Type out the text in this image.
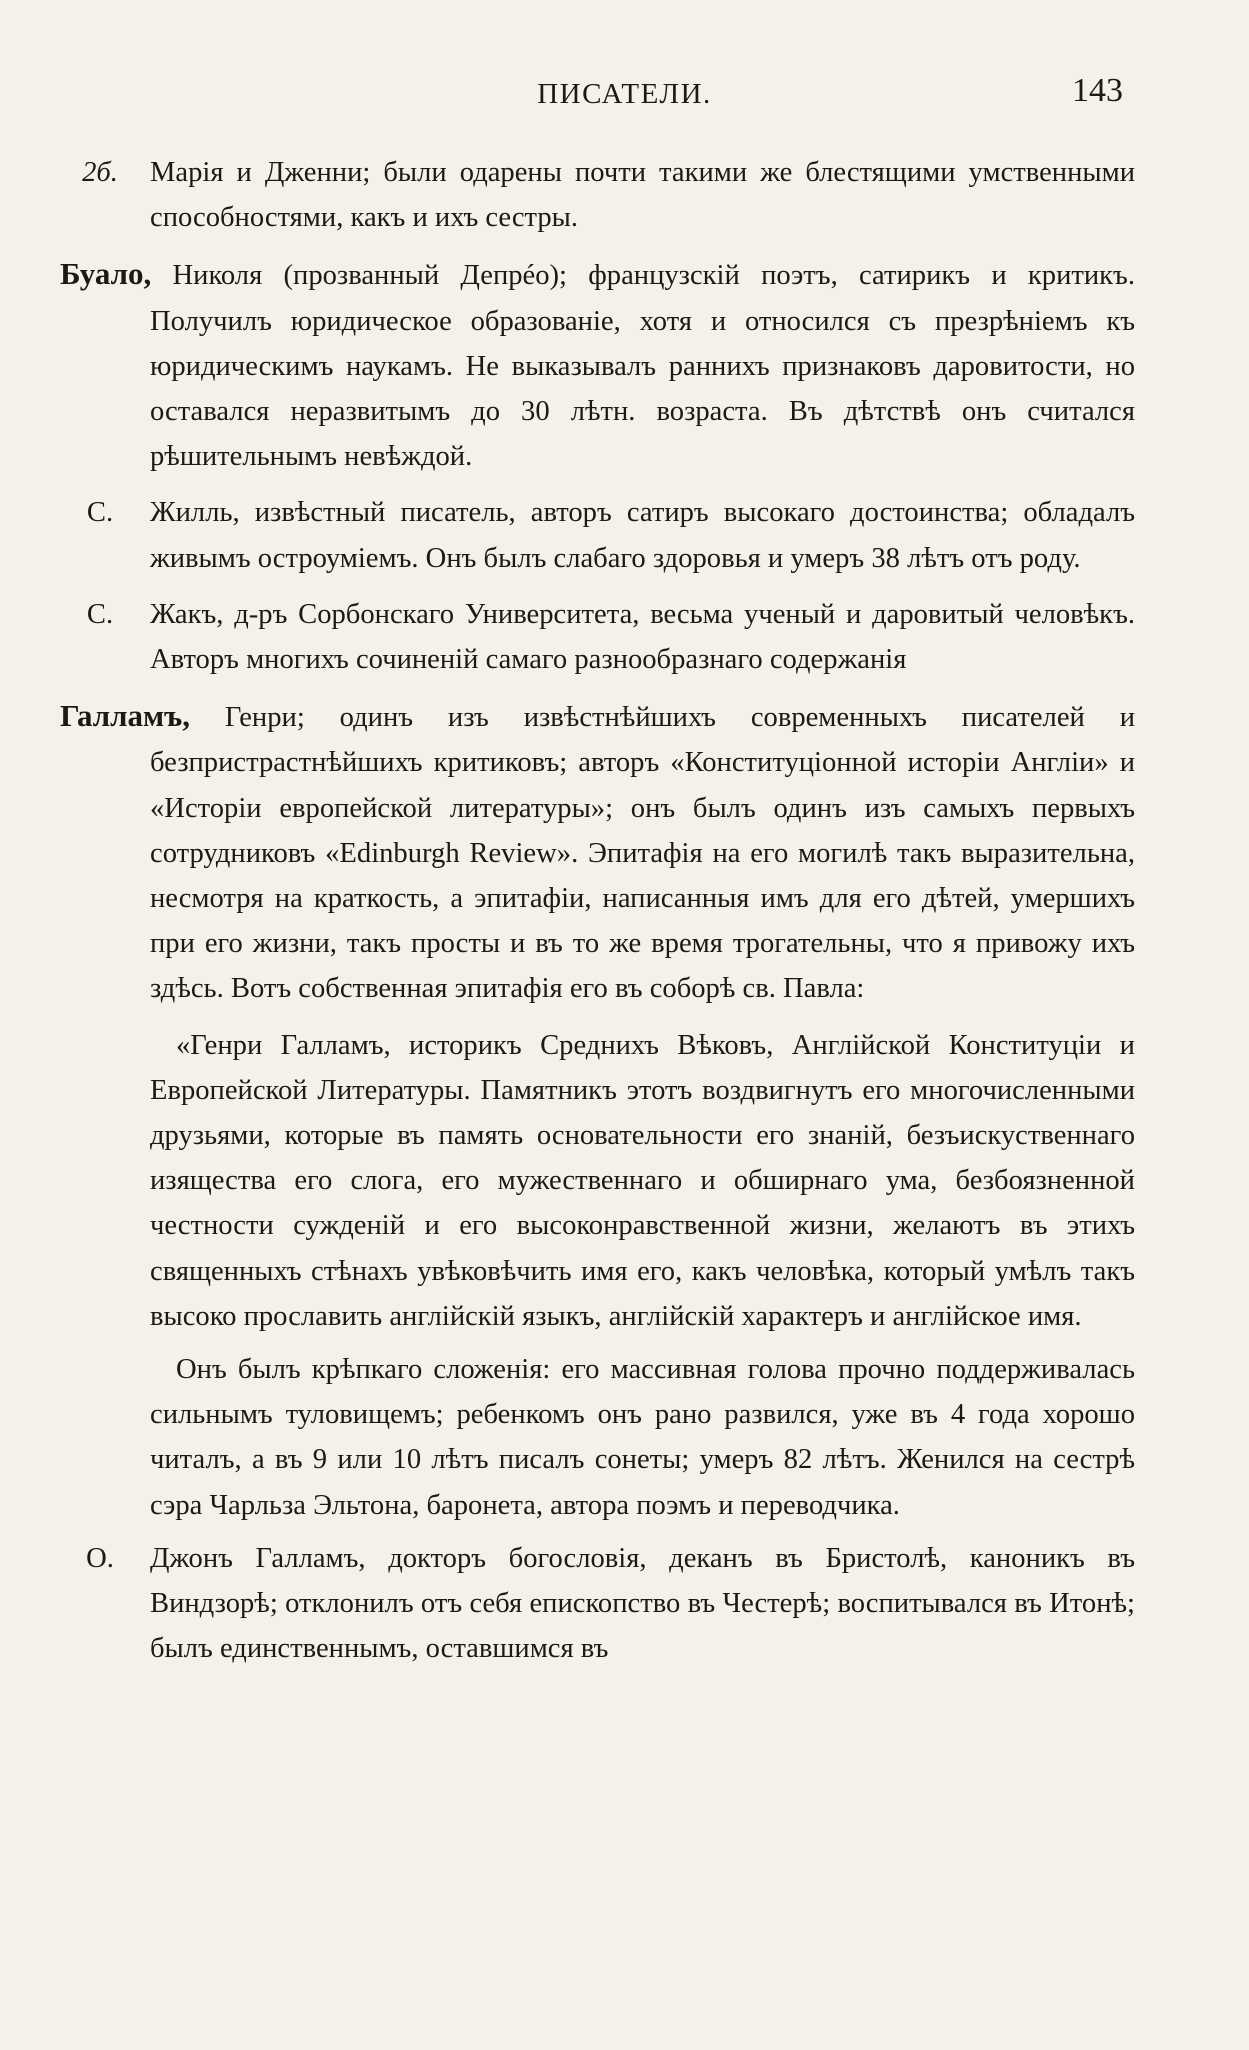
ПИСАТЕЛИ.	143

2б.	Марія и Дженни; были одарены почти такими же блестящими умственными способностями, какъ и ихъ сестры.

Буало, Николя (прозванный Депрéо); французскій поэтъ, сатирикъ и критикъ. Получилъ юридическое образованіе, хотя и относился съ презрѣніемъ къ юридическимъ наукамъ. Не выказывалъ раннихъ признаковъ даровитости, но оставался неразвитымъ до 30 лѣтн. возраста. Въ дѣтствѣ онъ считался рѣшительнымъ невѣждой.

С.	Жилль, извѣстный писатель, авторъ сатиръ высокаго достоинства; обладалъ живымъ остроуміемъ. Онъ былъ слабаго здоровья и умеръ 38 лѣтъ отъ роду.

С.	Жакъ, д-ръ Сорбонскаго Университета, весьма ученый и даровитый человѣкъ. Авторъ многихъ сочиненій самаго разнообразнаго содержанія

Галламъ, Генри; одинъ изъ извѣстнѣйшихъ современныхъ писателей и безпристрастнѣйшихъ критиковъ; авторъ «Конституціонной исторіи Англіи» и «Исторіи европейской литературы»; онъ былъ одинъ изъ самыхъ первыхъ сотрудниковъ «Edinburgh Review». Эпитафія на его могилѣ такъ выразительна, несмотря на краткость, а эпитафіи, написанныя имъ для его дѣтей, умершихъ при его жизни, такъ просты и въ то же время трогательны, что я привожу ихъ здѣсь. Вотъ собственная эпитафія его въ соборѣ св. Павла:

«Генри Галламъ, историкъ Среднихъ Вѣковъ, Англійской Конституціи и Европейской Литературы. Памятникъ этотъ воздвигнутъ его многочисленными друзьями, которые въ память основательности его знаній, безъискуственнаго изящества его слога, его мужественнаго и обширнаго ума, безбоязненной честности сужденій и его высоконравственной жизни, желаютъ въ этихъ священныхъ стѣнахъ увѣковѣчить имя его, какъ человѣка, который умѣлъ такъ высоко прославить англійскій языкъ, англійскій характеръ и англійское имя.

Онъ былъ крѣпкаго сложенія: его массивная голова прочно поддерживалась сильнымъ туловищемъ; ребенкомъ онъ рано развился, уже въ 4 года хорошо читалъ, а въ 9 или 10 лѣтъ писалъ сонеты; умеръ 82 лѣтъ. Женился на сестрѣ сэра Чарльза Эльтона, баронета, автора поэмъ и переводчика.

О.	Джонъ Галламъ, докторъ богословія, деканъ въ Бристолѣ, каноникъ въ Виндзорѣ; отклонилъ отъ себя епископство въ Честерѣ; воспитывался въ Итонѣ; былъ единственнымъ, оставшимся въ
